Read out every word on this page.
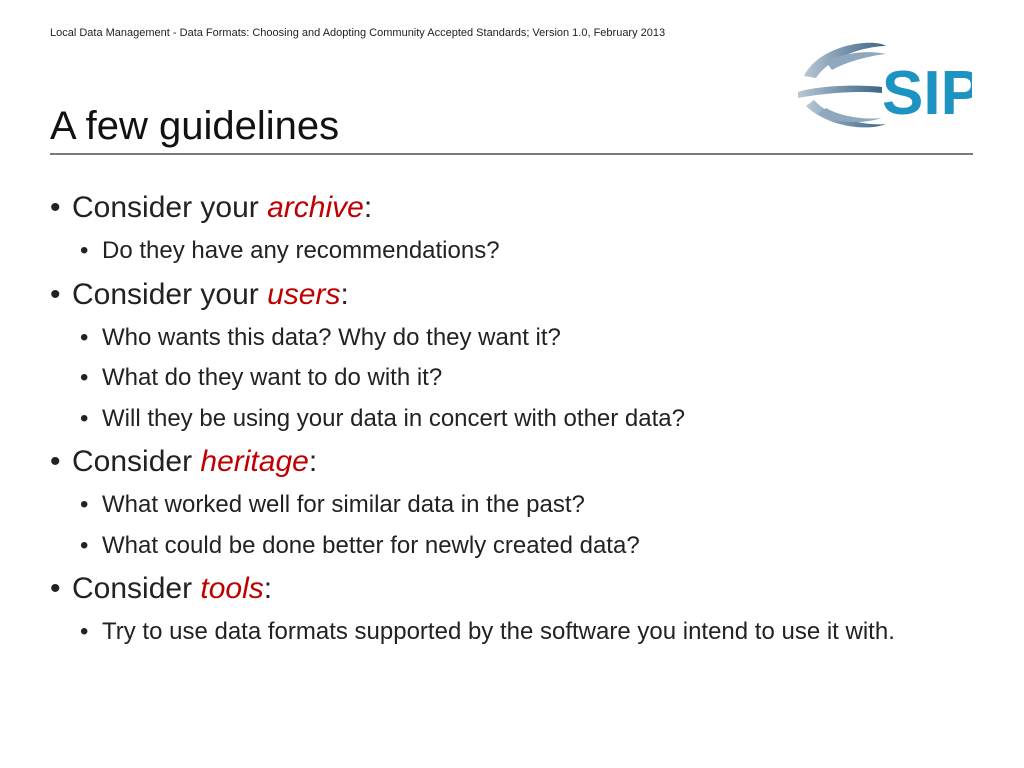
Local Data Management - Data Formats: Choosing and Adopting Community Accepted Standards; Version 1.0, February 2013
SIP
A few guidelines
• Consider your archive:
• Do they have any recommendations?
• Consider your users:
• Who wants this data? Why do they want it?
• What do they want to do with it?
• Will they be using your data in concert with other data?
• Consider heritage:
• What worked well for similar data in the past?
• What could be done better for newly created data?
• Consider tools:
• Try to use data formats supported by the software you intend to use it with.
